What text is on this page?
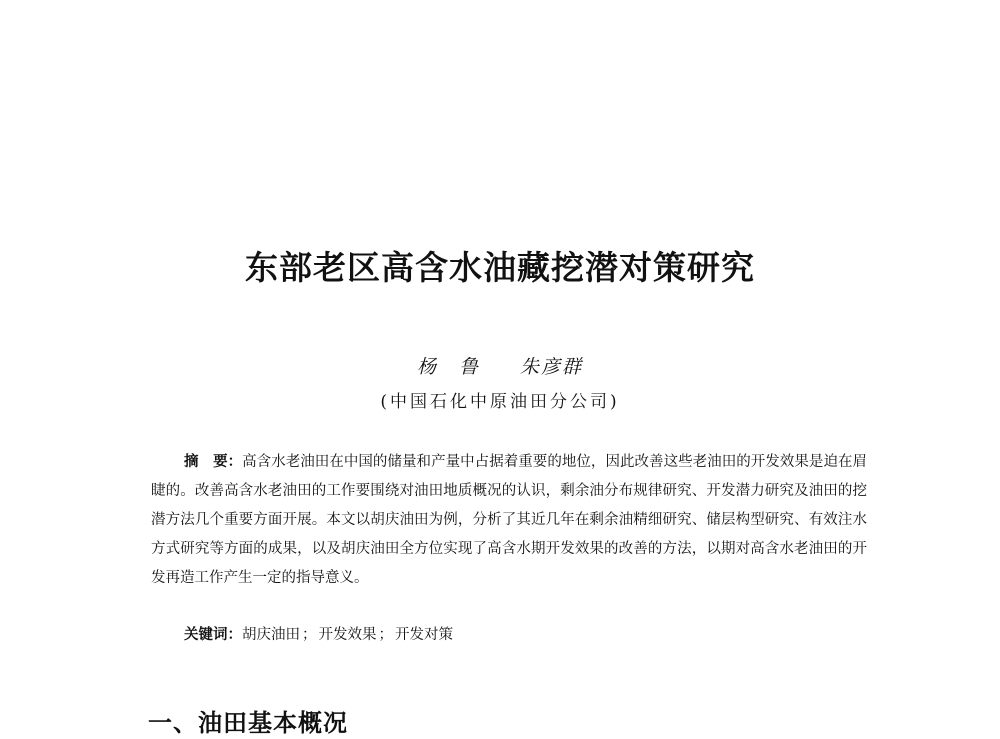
东部老区高含水油藏挖潜对策研究
杨　鲁 朱彦群
(中国石化中原油田分公司)
摘　要：高含水老油田在中国的储量和产量中占据着重要的地位，因此改善这些老油田的开发效果是迫在眉睫的。改善高含水老油田的工作要围绕对油田地质概况的认识，剩余油分布规律研究、开发潜力研究及油田的挖潜方法几个重要方面开展。本文以胡庆油田为例，分析了其近几年在剩余油精细研究、储层构型研究、有效注水方式研究等方面的成果，以及胡庆油田全方位实现了高含水期开发效果的改善的方法，以期对高含水老油田的开发再造工作产生一定的指导意义。
关键词：胡庆油田 ； 开发效果 ； 开发对策
一、油田基本概况
